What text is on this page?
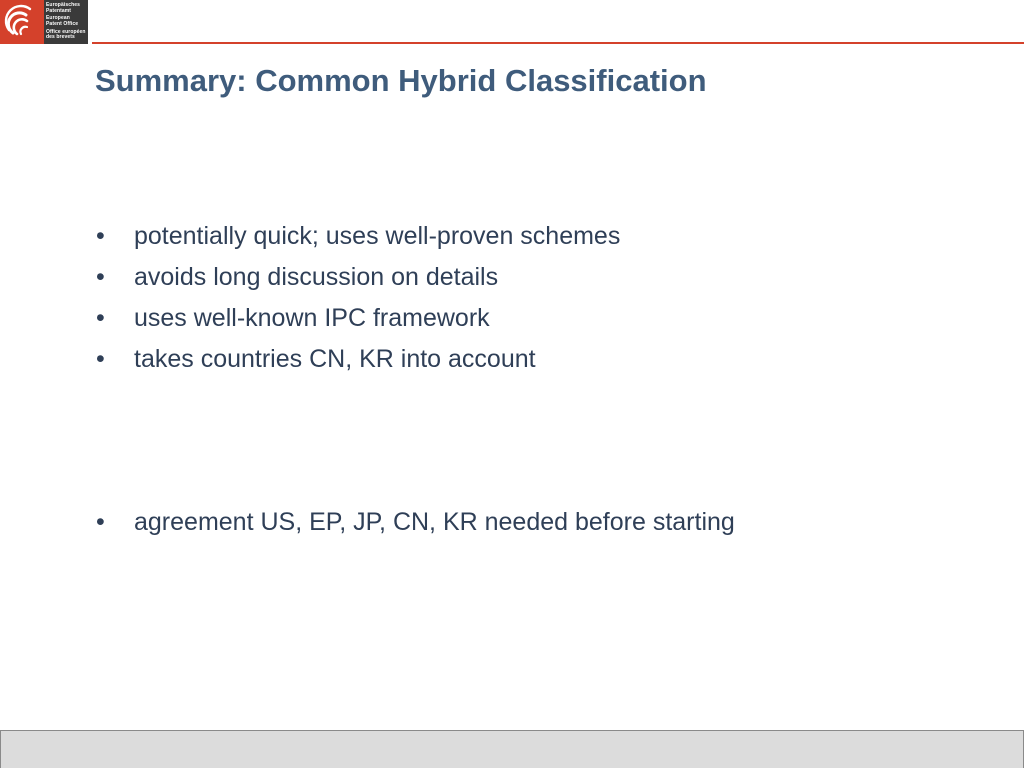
Europäisches
Patentamt
European
Patent Office
Office européen
des brevets
Summary: Common Hybrid Classification
• potentially quick; uses well-proven schemes
• avoids long discussion on details
• uses well-known IPC framework
• takes countries CN, KR into account
• agreement US, EP, JP, CN, KR needed before starting
